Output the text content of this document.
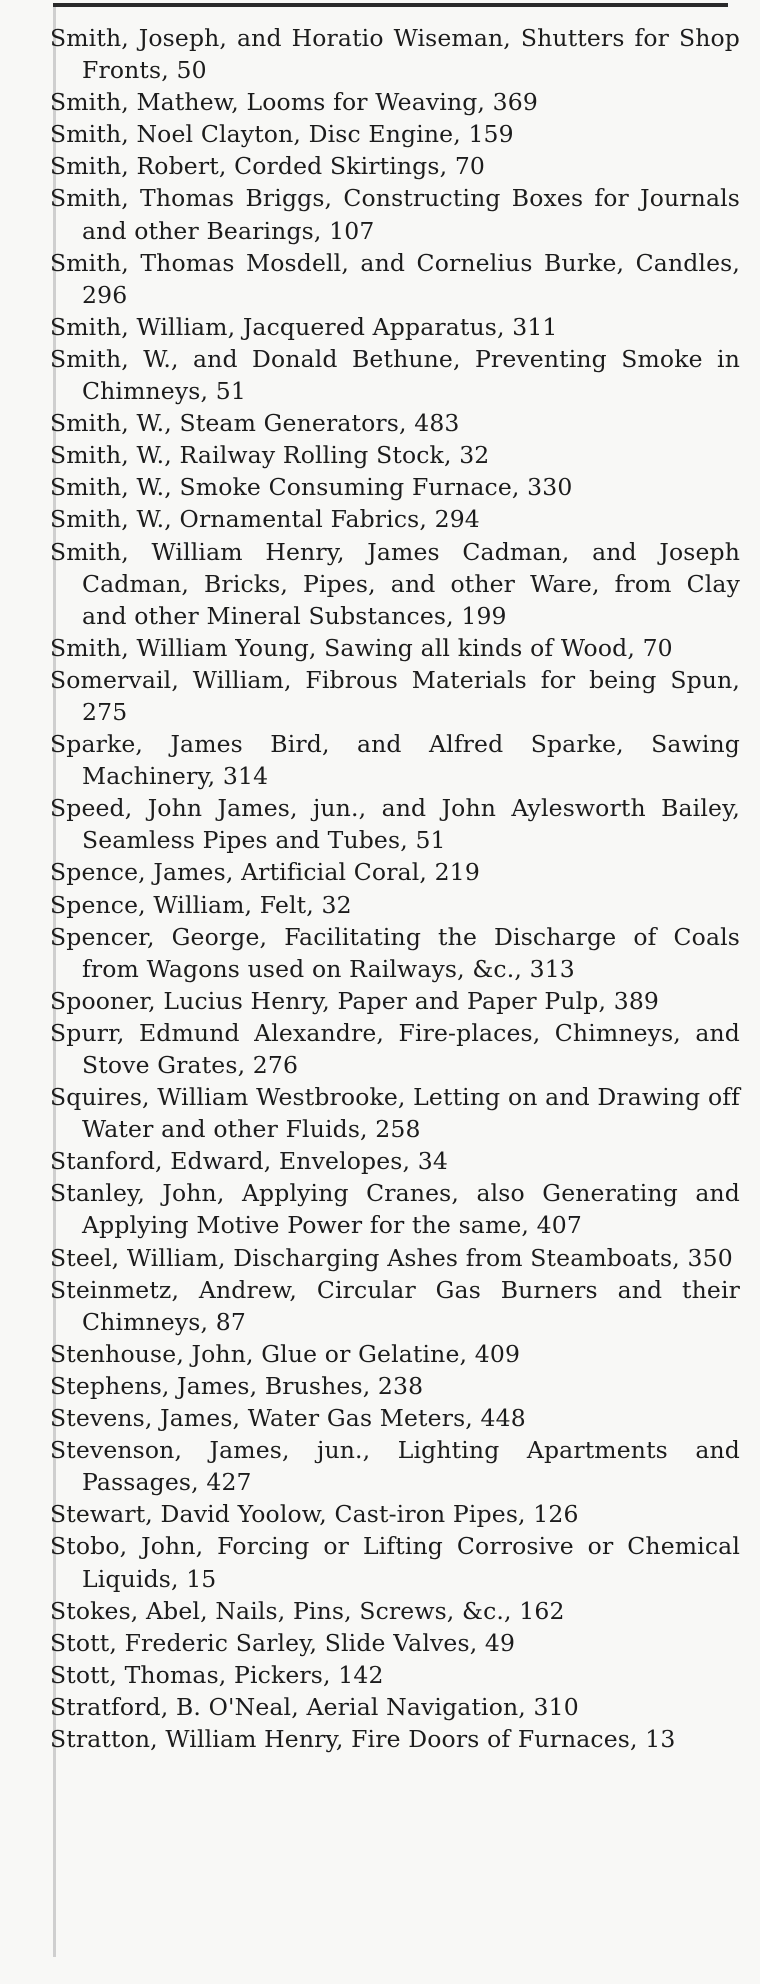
Smith, Joseph, and Horatio Wiseman, Shutters for Shop Fronts, 50
Smith, Mathew, Looms for Weaving, 369
Smith, Noel Clayton, Disc Engine, 159
Smith, Robert, Corded Skirtings, 70
Smith, Thomas Briggs, Constructing Boxes for Journals and other Bearings, 107
Smith, Thomas Mosdell, and Cornelius Burke, Candles, 296
Smith, William, Jacquered Apparatus, 311
Smith, W., and Donald Bethune, Preventing Smoke in Chimneys, 51
Smith, W., Steam Generators, 483
Smith, W., Railway Rolling Stock, 32
Smith, W., Smoke Consuming Furnace, 330
Smith, W., Ornamental Fabrics, 294
Smith, William Henry, James Cadman, and Joseph Cadman, Bricks, Pipes, and other Ware, from Clay and other Mineral Substances, 199
Smith, William Young, Sawing all kinds of Wood, 70
Somervail, William, Fibrous Materials for being Spun, 275
Sparke, James Bird, and Alfred Sparke, Sawing Machinery, 314
Speed, John James, jun., and John Aylesworth Bailey, Seamless Pipes and Tubes, 51
Spence, James, Artificial Coral, 219
Spence, William, Felt, 32
Spencer, George, Facilitating the Discharge of Coals from Wagons used on Railways, &c., 313
Spooner, Lucius Henry, Paper and Paper Pulp, 389
Spurr, Edmund Alexandre, Fire-places, Chimneys, and Stove Grates, 276
Squires, William Westbrooke, Letting on and Drawing off Water and other Fluids, 258
Stanford, Edward, Envelopes, 34
Stanley, John, Applying Cranes, also Generating and Applying Motive Power for the same, 407
Steel, William, Discharging Ashes from Steamboats, 350
Steinmetz, Andrew, Circular Gas Burners and their Chimneys, 87
Stenhouse, John, Glue or Gelatine, 409
Stephens, James, Brushes, 238
Stevens, James, Water Gas Meters, 448
Stevenson, James, jun., Lighting Apartments and Passages, 427
Stewart, David Yoolow, Cast-iron Pipes, 126
Stobo, John, Forcing or Lifting Corrosive or Chemical Liquids, 15
Stokes, Abel, Nails, Pins, Screws, &c., 162
Stott, Frederic Sarley, Slide Valves, 49
Stott, Thomas, Pickers, 142
Stratford, B. O'Neal, Aerial Navigation, 310
Stratton, William Henry, Fire Doors of Furnaces, 13
